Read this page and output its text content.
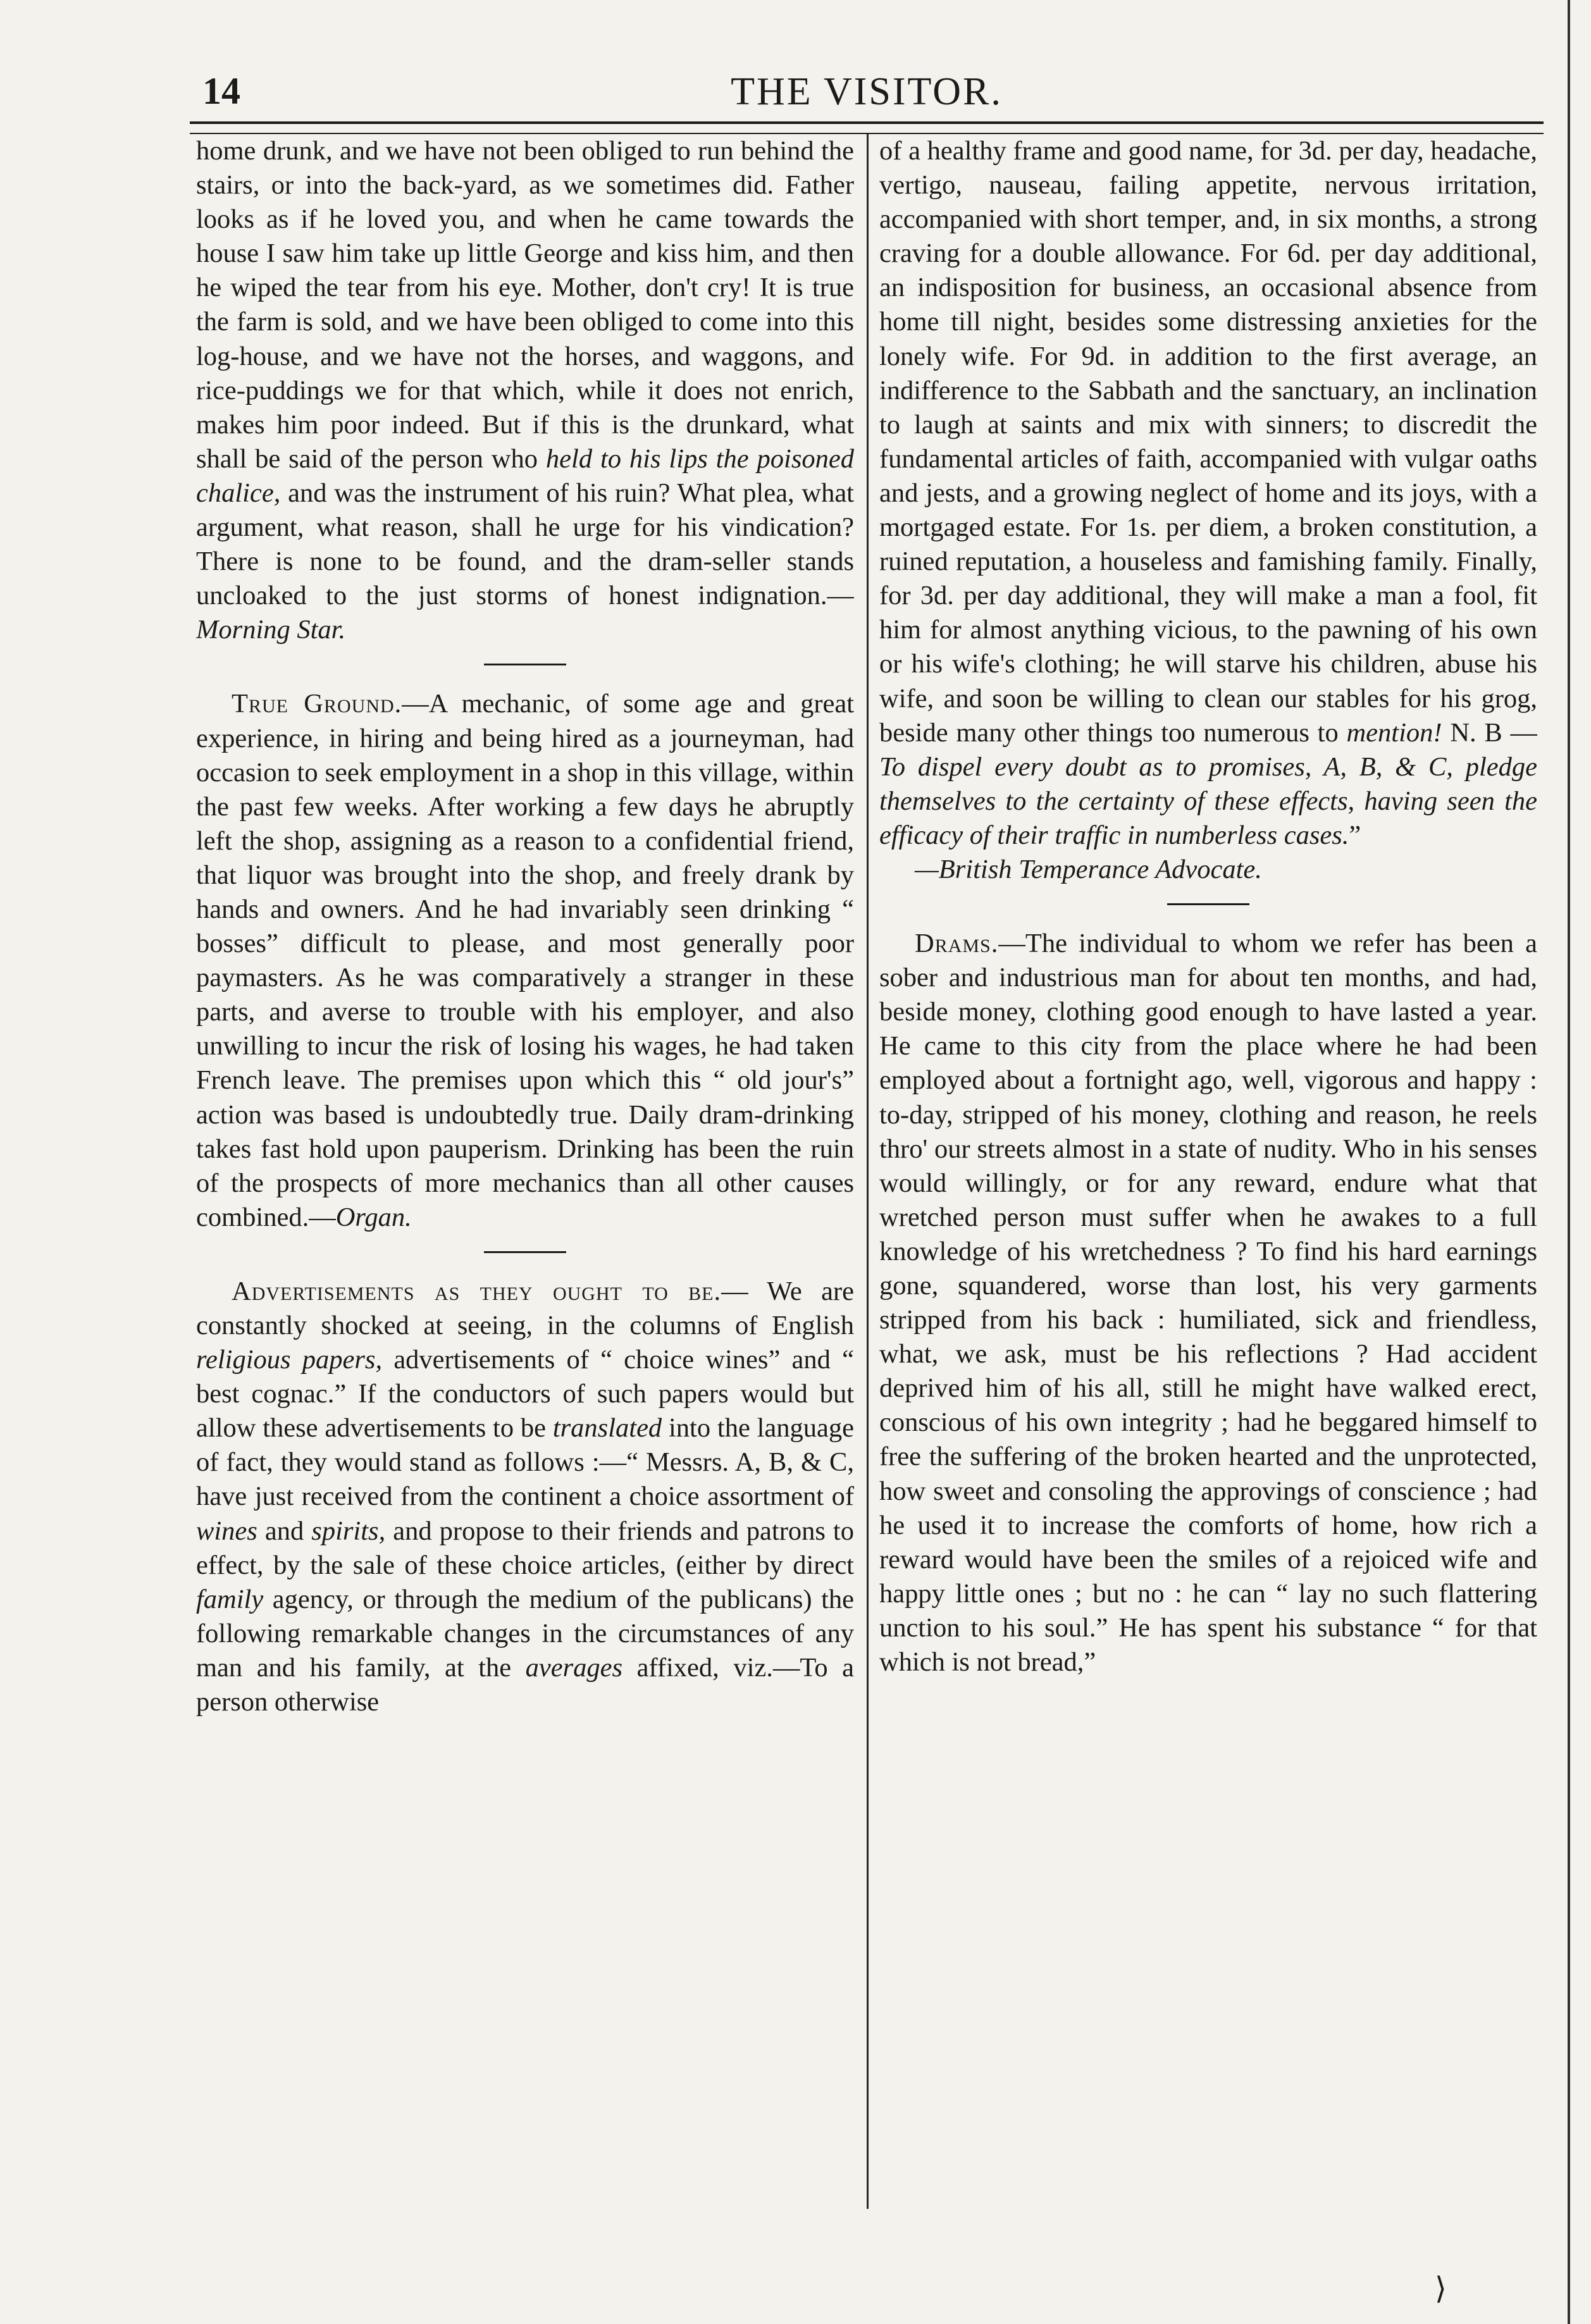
14	THE VISITOR.

home drunk, and we have not been obliged to run behind the stairs, or into the back-yard, as we sometimes did. Father looks as if he loved you, and when he came towards the house I saw him take up little George and kiss him, and then he wiped the tear from his eye. Mother, don't cry! It is true the farm is sold, and we have been obliged to come into this log-house, and we have not the horses, and waggons, and rice-puddings we for that which, while it does not enrich, makes him poor indeed. But if this is the drunkard, what shall be said of the person who held to his lips the poisoned chalice, and was the instrument of his ruin? What plea, what argument, what reason, shall he urge for his vindication? There is none to be found, and the dram-seller stands uncloaked to the just storms of honest indignation.—Morning Star.

True Ground.—A mechanic, of some age and great experience, in hiring and being hired as a journeyman, had occasion to seek employment in a shop in this village, within the past few weeks. After working a few days he abruptly left the shop, assigning as a reason to a confidential friend, that liquor was brought into the shop, and freely drank by hands and owners. And he had invariably seen drinking “ bosses” difficult to please, and most generally poor paymasters. As he was comparatively a stranger in these parts, and averse to trouble with his employer, and also unwilling to incur the risk of losing his wages, he had taken French leave. The premises upon which this “ old jour's” action was based is undoubtedly true. Daily dram-drinking takes fast hold upon pauperism. Drinking has been the ruin of the prospects of more mechanics than all other causes combined.—Organ.

Advertisements as they ought to be.— We are constantly shocked at seeing, in the columns of English religious papers, advertisements of “ choice wines” and “ best cognac.” If the conductors of such papers would but allow these advertisements to be translated into the language of fact, they would stand as follows :—“ Messrs. A, B, & C, have just received from the continent a choice assortment of wines and spirits, and propose to their friends and patrons to effect, by the sale of these choice articles, (either by direct family agency, or through the medium of the publicans) the following remarkable changes in the circumstances of any man and his family, at the averages affixed, viz.—To a person otherwise

of a healthy frame and good name, for 3d. per day, headache, vertigo, nauseau, failing appetite, nervous irritation, accompanied with short temper, and, in six months, a strong craving for a double allowance. For 6d. per day additional, an indisposition for business, an occasional absence from home till night, besides some distressing anxieties for the lonely wife. For 9d. in addition to the first average, an indifference to the Sabbath and the sanctuary, an inclination to laugh at saints and mix with sinners; to discredit the fundamental articles of faith, accompanied with vulgar oaths and jests, and a growing neglect of home and its joys, with a mortgaged estate. For 1s. per diem, a broken constitution, a ruined reputation, a houseless and famishing family. Finally, for 3d. per day additional, they will make a man a fool, fit him for almost anything vicious, to the pawning of his own or his wife's clothing; he will starve his children, abuse his wife, and soon be willing to clean our stables for his grog, beside many other things too numerous to mention! N. B —To dispel every doubt as to promises, A, B, & C, pledge themselves to the certainty of these effects, having seen the efficacy of their traffic in numberless cases.”

—British Temperance Advocate.

Drams.—The individual to whom we refer has been a sober and industrious man for about ten months, and had, beside money, clothing good enough to have lasted a year. He came to this city from the place where he had been employed about a fortnight ago, well, vigorous and happy : to-day, stripped of his money, clothing and reason, he reels thro' our streets almost in a state of nudity. Who in his senses would willingly, or for any reward, endure what that wretched person must suffer when he awakes to a full knowledge of his wretchedness ? To find his hard earnings gone, squandered, worse than lost, his very garments stripped from his back : humiliated, sick and friendless, what, we ask, must be his reflections ? Had accident deprived him of his all, still he might have walked erect, conscious of his own integrity ; had he beggared himself to free the suffering of the broken hearted and the unprotected, how sweet and consoling the approvings of conscience ; had he used it to increase the comforts of home, how rich a reward would have been the smiles of a rejoiced wife and happy little ones ; but no : he can “ lay no such flattering unction to his soul.” He has spent his substance “ for that which is not bread,”

⟩
